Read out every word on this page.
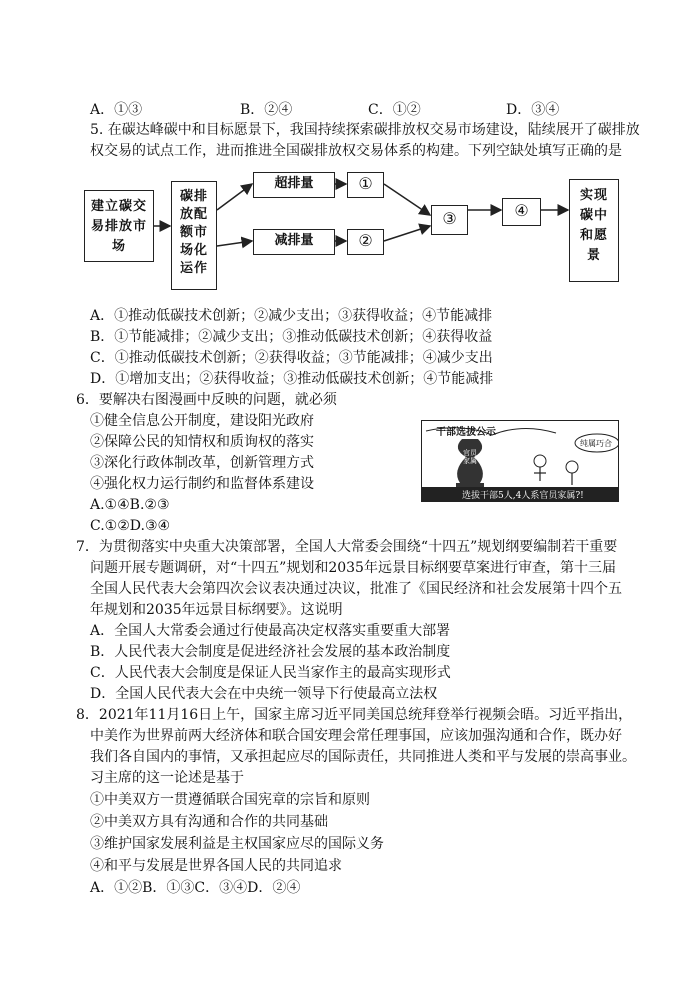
A．①③	B．②④	C．①②	D．③④
5. 在碳达峰碳中和目标愿景下，我国持续探索碳排放权交易市场建设，陆续展开了碳排放
权交易的试点工作，进而推进全国碳排放权交易体系的构建。下列空缺处填写正确的是
建立碳交易排放市场
碳排放配额市场化运作
超排量
减排量
①
②
③	④
实现碳中和愿景
A．①推动低碳技术创新；②减少支出；③获得收益；④节能减排
B．①节能减排；②减少支出；③推动低碳技术创新；④获得收益
C．①推动低碳技术创新；②获得收益；③节能减排；④减少支出
D．①增加支出；②获得收益；③推动低碳技术创新；④节能减排
6．要解决右图漫画中反映的问题，就必须
①健全信息公开制度，建设阳光政府
②保障公民的知情权和质询权的落实
③深化行政体制改革，创新管理方式
④强化权力运行制约和监督体系建设
A.①④B.②③
C.①②D.③④
干部选拔公示
官员家属
纯属巧合
选拔干部5人,4人系官员家属?!
7．为贯彻落实中央重大决策部署，全国人大常委会围绕“十四五”规划纲要编制若干重要
问题开展专题调研，对“十四五”规划和2035年远景目标纲要草案进行审查，第十三届
全国人民代表大会第四次会议表决通过决议，批准了《国民经济和社会发展第十四个五
年规划和2035年远景目标纲要》。这说明
A．全国人大常委会通过行使最高决定权落实重要重大部署
B．人民代表大会制度是促进经济社会发展的基本政治制度
C．人民代表大会制度是保证人民当家作主的最高实现形式
D．全国人民代表大会在中央统一领导下行使最高立法权
8．2021年11月16日上午，国家主席习近平同美国总统拜登举行视频会晤。习近平指出，
中美作为世界前两大经济体和联合国安理会常任理事国，应该加强沟通和合作，既办好
我们各自国内的事情，又承担起应尽的国际责任，共同推进人类和平与发展的崇高事业。
习主席的这一论述是基于
①中美双方一贯遵循联合国宪章的宗旨和原则
②中美双方具有沟通和合作的共同基础
③维护国家发展利益是主权国家应尽的国际义务
④和平与发展是世界各国人民的共同追求
A．①②B．①③C．③④D．②④
